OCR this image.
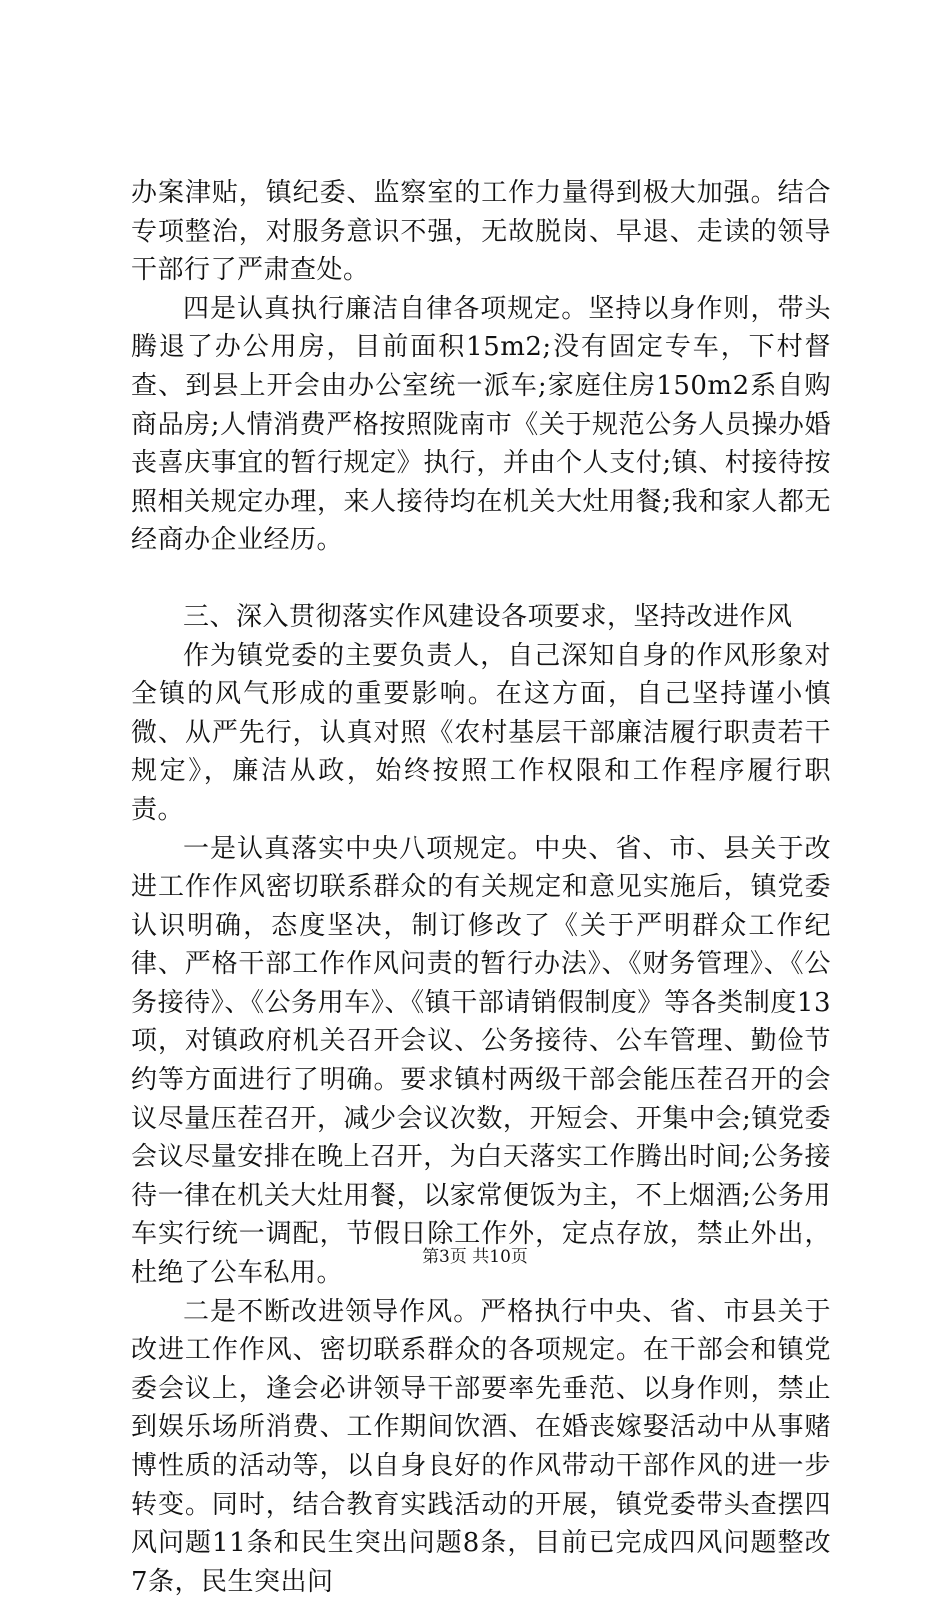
办案津贴，镇纪委、监察室的工作力量得到极大加强。结合专项整治，对服务意识不强，无故脱岗、早退、走读的领导干部行了严肃查处。

四是认真执行廉洁自律各项规定。坚持以身作则，带头腾退了办公用房，目前面积15m2;没有固定专车，下村督查、到县上开会由办公室统一派车;家庭住房150m2系自购商品房;人情消费严格按照陇南市《关于规范公务人员操办婚丧喜庆事宜的暂行规定》执行，并由个人支付;镇、村接待按照相关规定办理，来人接待均在机关大灶用餐;我和家人都无经商办企业经历。

三、深入贯彻落实作风建设各项要求，坚持改进作风

作为镇党委的主要负责人，自己深知自身的作风形象对全镇的风气形成的重要影响。在这方面，自己坚持谨小慎微、从严先行，认真对照《农村基层干部廉洁履行职责若干规定》，廉洁从政，始终按照工作权限和工作程序履行职责。

一是认真落实中央八项规定。中央、省、市、县关于改进工作作风密切联系群众的有关规定和意见实施后，镇党委认识明确，态度坚决，制订修改了《关于严明群众工作纪律、严格干部工作作风问责的暂行办法》、《财务管理》、《公务接待》、《公务用车》、《镇干部请销假制度》等各类制度13项，对镇政府机关召开会议、公务接待、公车管理、勤俭节约等方面进行了明确。要求镇村两级干部会能压茬召开的会议尽量压茬召开，减少会议次数，开短会、开集中会;镇党委会议尽量安排在晚上召开，为白天落实工作腾出时间;公务接待一律在机关大灶用餐，以家常便饭为主，不上烟酒;公务用车实行统一调配，节假日除工作外，定点存放，禁止外出，杜绝了公车私用。

二是不断改进领导作风。严格执行中央、省、市县关于改进工作作风、密切联系群众的各项规定。在干部会和镇党委会议上，逢会必讲领导干部要率先垂范、以身作则，禁止到娱乐场所消费、工作期间饮酒、在婚丧嫁娶活动中从事赌博性质的活动等，以自身良好的作风带动干部作风的进一步转变。同时，结合教育实践活动的开展，镇党委带头查摆四风问题11条和民生突出问题8条，目前已完成四风问题整改7条，民生突出问

第3页 共10页
